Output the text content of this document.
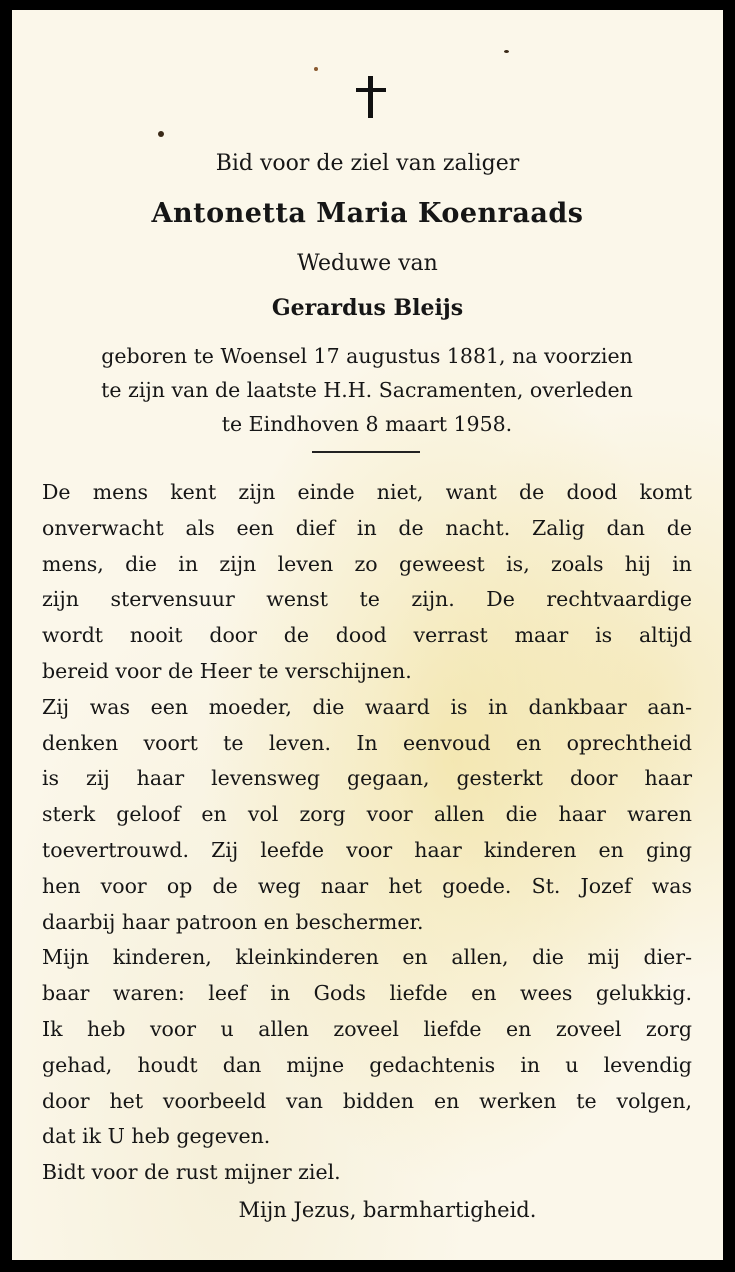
Bid voor de ziel van zaliger
Antonetta Maria Koenraads
Weduwe van
Gerardus Bleijs
geboren te Woensel 17 augustus 1881, na voorzien
te zijn van de laatste H.H. Sacramenten, overleden
te Eindhoven 8 maart 1958.
De mens kent zijn einde niet, want de dood komt
onverwacht als een dief in de nacht. Zalig dan de
mens, die in zijn leven zo geweest is, zoals hij in
zijn stervensuur wenst te zijn. De rechtvaardige
wordt nooit door de dood verrast maar is altijd
bereid voor de Heer te verschijnen.
Zij was een moeder, die waard is in dankbaar aan-
denken voort te leven. In eenvoud en oprechtheid
is zij haar levensweg gegaan, gesterkt door haar
sterk geloof en vol zorg voor allen die haar waren
toevertrouwd. Zij leefde voor haar kinderen en ging
hen voor op de weg naar het goede. St. Jozef was
daarbij haar patroon en beschermer.
Mijn kinderen, kleinkinderen en allen, die mij dier-
baar waren: leef in Gods liefde en wees gelukkig.
Ik heb voor u allen zoveel liefde en zoveel zorg
gehad, houdt dan mijne gedachtenis in u levendig
door het voorbeeld van bidden en werken te volgen,
dat ik U heb gegeven.
Bidt voor de rust mijner ziel.
Mijn Jezus, barmhartigheid.
